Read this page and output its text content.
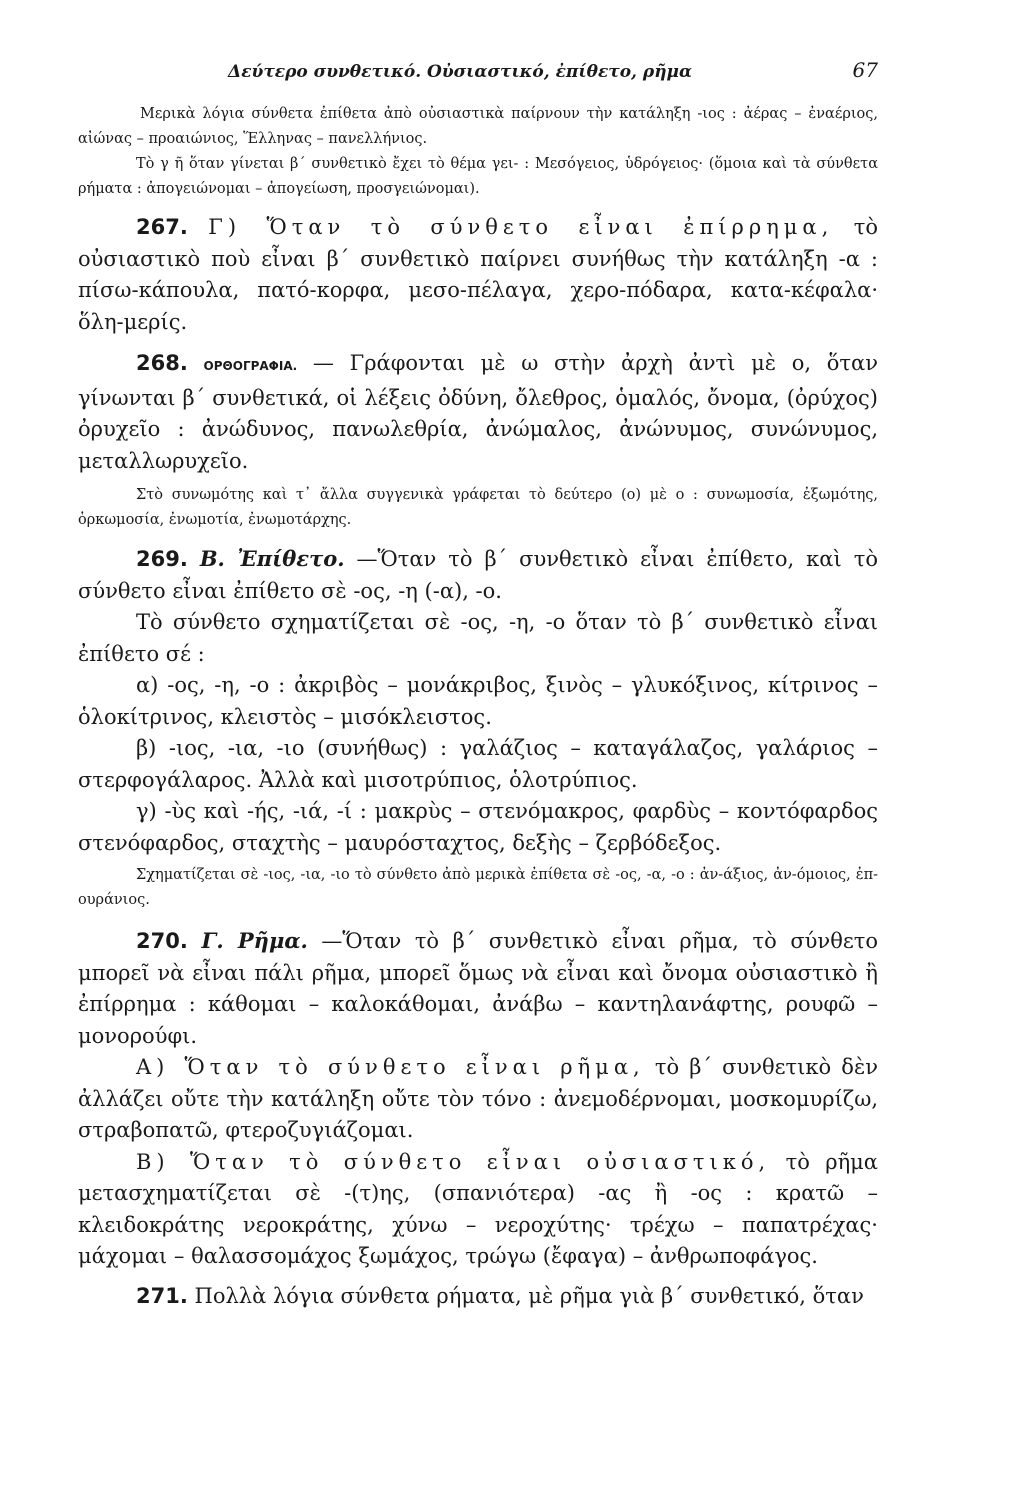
Δεύτερο συνθετικό. Οὐσιαστικό, ἐπίθετο, ρῆμα	67

Μερικὰ λόγια σύνθετα ἐπίθετα ἀπὸ οὐσιαστικὰ παίρνουν τὴν κατάληξη -ιος : ἀέρας – ἐναέριος, αἰώνας – προαιώνιος, Ἕλληνας – πανελλήνιος.

Τὸ γ ῆ ὅταν γίνεται β΄ συνθετικὸ ἔχει τὸ θέμα γει- : Μεσόγειος, ὑδρόγειος· (ὅμοια καὶ τὰ σύνθετα ρήματα : ἀπογειώνομαι – ἀπογείωση, προσγειώνομαι).

267. Γ) Ὅταν τὸ σύνθετο εἶναι ἐπίρρημα, τὸ οὐσιαστικὸ ποὺ εἶναι β΄ συνθετικὸ παίρνει συνήθως τὴν κατάληξη -α : πίσω-κάπουλα, πατό-κορφα, μεσο-πέλαγα, χερο-πόδαρα, κατα-κέφαλα· ὅλη-μερίς.

268. ΟΡΘΟΓΡΑΦΙΑ. — Γράφονται μὲ ω στὴν ἀρχὴ ἀντὶ μὲ ο, ὅταν γίνωνται β΄ συνθετικά, οἱ λέξεις ὀδύνη, ὄλεθρος, ὁμαλός, ὄνομα, (ὀρύχος) ὀρυχεῖο : ἀνώδυνος, πανωλεθρία, ἀνώμαλος, ἀνώνυμος, συνώνυμος, μεταλλωρυχεῖο.

Στὸ συνωμότης καὶ τ᾿ ἄλλα συγγενικὰ γράφεται τὸ δεύτερο (ο) μὲ ο : συνωμοσία, ἐξωμότης, ὁρκωμοσία, ἐνωμοτία, ἐνωμοτάρχης.

269. Β. Ἐπίθετο. —Ὅταν τὸ β΄ συνθετικὸ εἶναι ἐπίθετο, καὶ τὸ σύνθετο εἶναι ἐπίθετο σὲ -ος, -η (-α), -ο.

Τὸ σύνθετο σχηματίζεται σὲ -ος, -η, -ο ὅταν τὸ β΄ συνθετικὸ εἶναι ἐπίθετο σέ :

α) -ος, -η, -ο : ἀκριβὸς – μονάκριβος, ξινὸς – γλυκόξινος, κίτρινος – ὁλοκίτρινος, κλειστὸς – μισόκλειστος.

β) -ιος, -ια, -ιο (συνήθως) : γαλάζιος – καταγάλαζος, γαλάριος – στερφογάλαρος. Ἀλλὰ καὶ μισοτρύπιος, ὁλοτρύπιος.

γ) -ὺς καὶ -ής, -ιά, -ί : μακρὺς – στενόμακρος, φαρδὺς – κοντόφαρδος στενόφαρδος, σταχτὴς – μαυρόσταχτος, δεξὴς – ζερβόδεξος.

Σχηματίζεται σὲ -ιος, -ια, -ιο τὸ σύνθετο ἀπὸ μερικὰ ἐπίθετα σὲ -ος, -α, -ο : ἀν-άξιος, ἀν-όμοιος, ἐπ-ουράνιος.

270. Γ. Ρῆμα. —Ὅταν τὸ β΄ συνθετικὸ εἶναι ρῆμα, τὸ σύνθετο μπορεῖ νὰ εἶναι πάλι ρῆμα, μπορεῖ ὅμως νὰ εἶναι καὶ ὄνομα οὐσιαστικὸ ἢ ἐπίρρημα : κάθομαι – καλοκάθομαι, ἀνάβω – καντηλανάφτης, ρουφῶ – μονορούφι.

Α) Ὅταν τὸ σύνθετο εἶναι ρῆμα, τὸ β΄ συνθετικὸ δὲν ἀλλάζει οὔτε τὴν κατάληξη οὔτε τὸν τόνο : ἀνεμοδέρνομαι, μοσκομυρίζω, στραβοπατῶ, φτεροζυγιάζομαι.

Β) Ὅταν τὸ σύνθετο εἶναι οὐσιαστικό, τὸ ρῆμα μετασχηματίζεται σὲ -(τ)ης, (σπανιότερα) -ας ἢ -ος : κρατῶ – κλειδοκράτης νεροκράτης, χύνω – νεροχύτης· τρέχω – παπατρέχας· μάχομαι – θαλασσομάχος ξωμάχος, τρώγω (ἔφαγα) – ἀνθρωποφάγος.

271. Πολλὰ λόγια σύνθετα ρήματα, μὲ ρῆμα γιὰ β΄ συνθετικό, ὅταν
